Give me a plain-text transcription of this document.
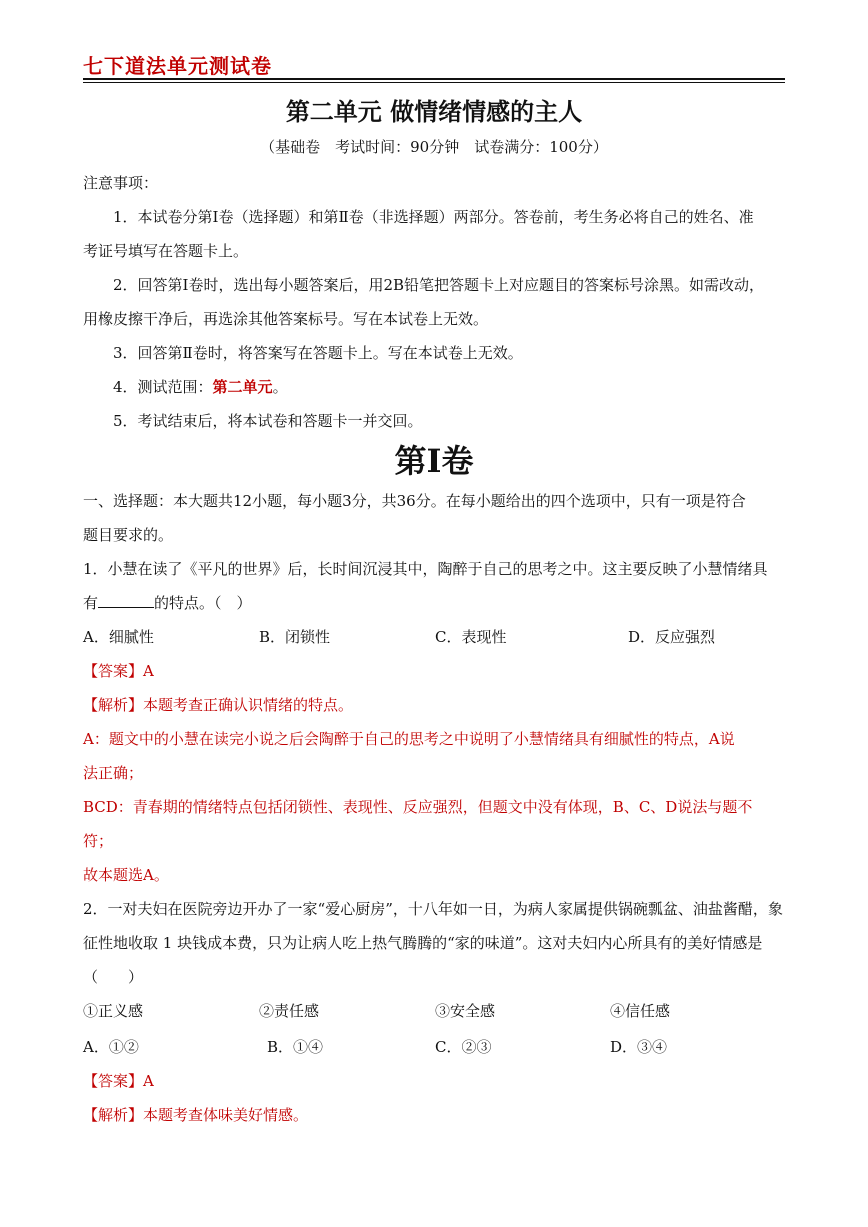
七下道法单元测试卷
第二单元 做情绪情感的主人
（基础卷　考试时间：90分钟　试卷满分：100分）
注意事项：
1．本试卷分第Ⅰ卷（选择题）和第Ⅱ卷（非选择题）两部分。答卷前，考生务必将自己的姓名、准
考证号填写在答题卡上。
2．回答第Ⅰ卷时，选出每小题答案后，用2B铅笔把答题卡上对应题目的答案标号涂黑。如需改动，
用橡皮擦干净后，再选涂其他答案标号。写在本试卷上无效。
3．回答第Ⅱ卷时，将答案写在答题卡上。写在本试卷上无效。
4．测试范围：第二单元。
5．考试结束后，将本试卷和答题卡一并交回。
第Ⅰ卷
一、选择题：本大题共12小题，每小题3分，共36分。在每小题给出的四个选项中，只有一项是符合
题目要求的。
1．小慧在读了《平凡的世界》后，长时间沉浸其中，陶醉于自己的思考之中。这主要反映了小慧情绪具
有	的特点。（　）
A．细腻性	B．闭锁性	C．表现性	D．反应强烈
【答案】A
【解析】本题考查正确认识情绪的特点。
A：题文中的小慧在读完小说之后会陶醉于自己的思考之中说明了小慧情绪具有细腻性的特点，A说
法正确；
BCD：青春期的情绪特点包括闭锁性、表现性、反应强烈，但题文中没有体现，B、C、D说法与题不
符；
故本题选A。
2．一对夫妇在医院旁边开办了一家“爱心厨房”，十八年如一日，为病人家属提供锅碗瓢盆、油盐酱醋，象
征性地收取 1 块钱成本费，只为让病人吃上热气腾腾的“家的味道”。这对夫妇内心所具有的美好情感是
（　　）
①正义感	②责任感	③安全感	④信任感
A．①②	B．①④	C．②③	D．③④
【答案】A
【解析】本题考查体味美好情感。
